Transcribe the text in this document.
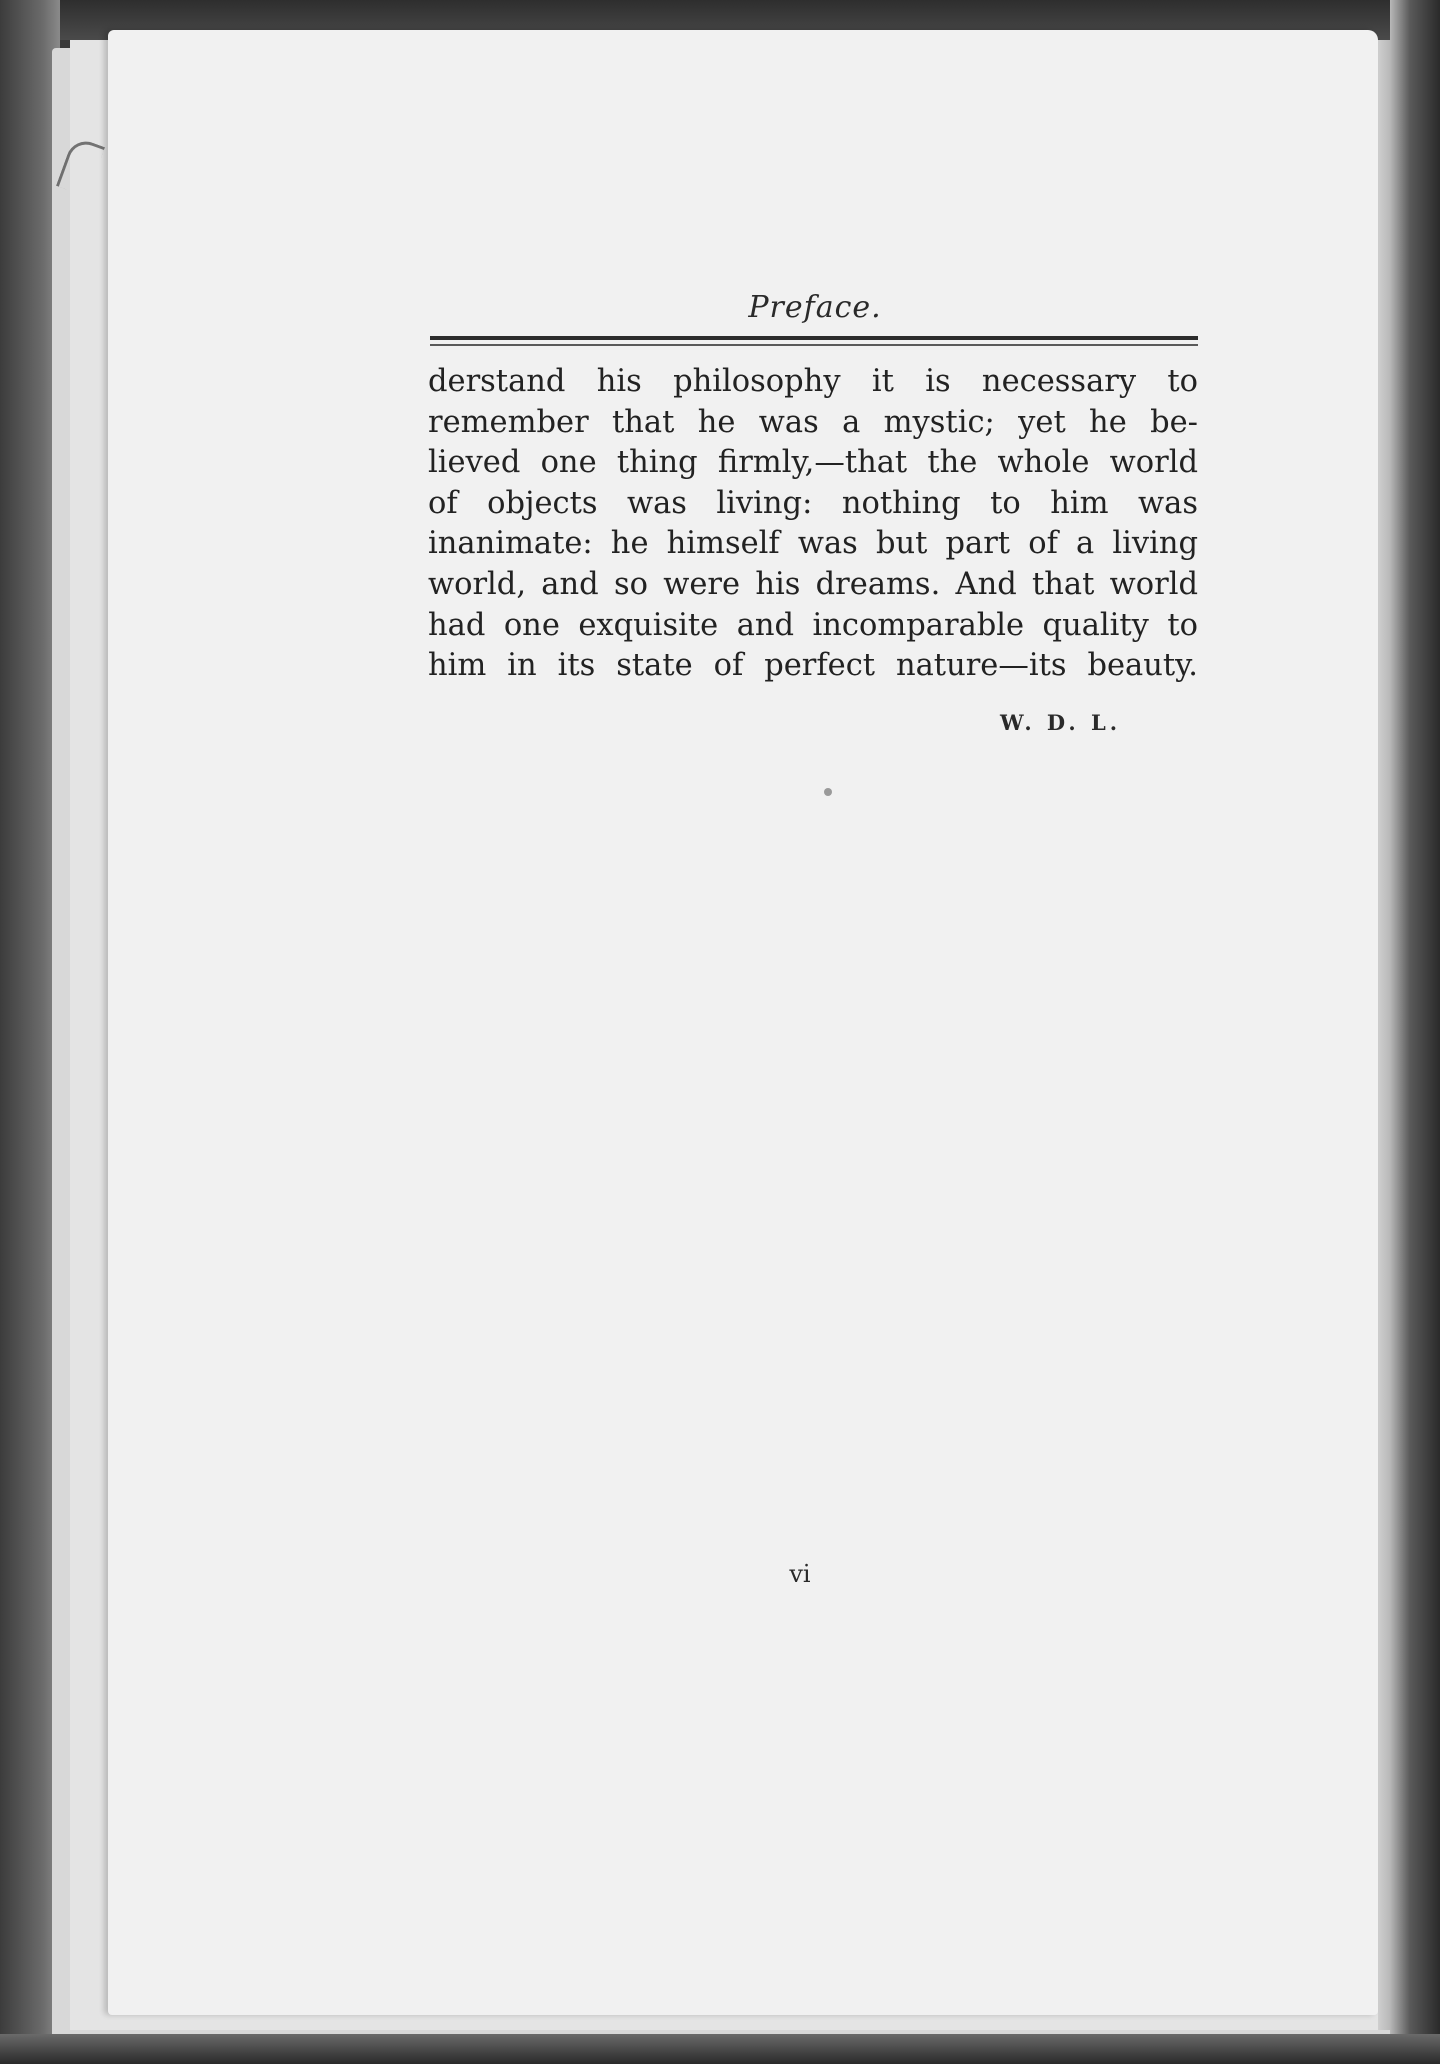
Preface.
derstand his philosophy it is necessary to
remember that he was a mystic; yet he be-
lieved one thing firmly,—that the whole world
of objects was living: nothing to him was
inanimate: he himself was but part of a living
world, and so were his dreams. And that world
had one exquisite and incomparable quality to
him in its state of perfect nature—its beauty.
W. D. L.
vi
